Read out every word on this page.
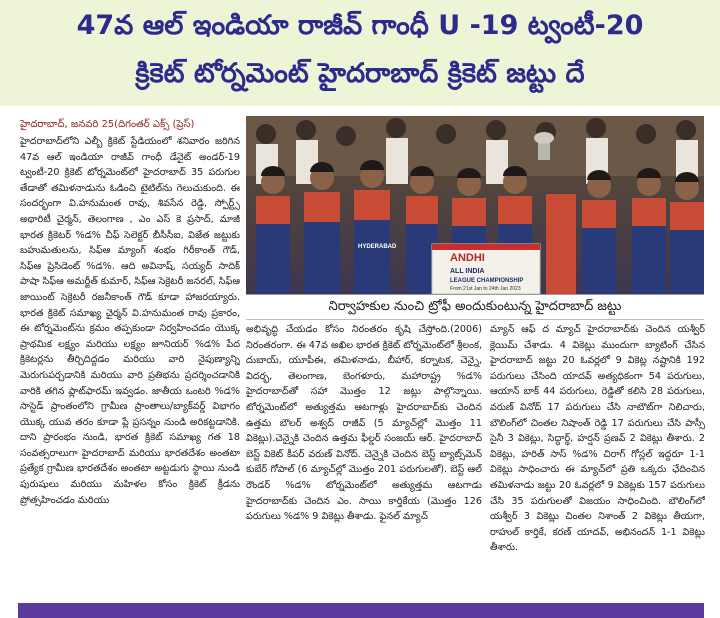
47వ ఆల్ ఇండియా రాజీవ్ గాంధీ U -19 ట్వంటీ-20
క్రికెట్ టోర్నమెంట్ హైదరాబాద్ క్రికెట్ జట్టు దే
హైదరాబాద్, జనవరి 25(దిగంతర్ ఎక్స్ (ప్రెస్)
హైదరాబాద్‌లోని ఎల్బీ క్రికెట్ స్టేడియంలో శనివారం జరిగిన 47వ ఆల్ ఇండియా రాజీవ్ గాంధీ డేనైట్ అండర్-19 ట్వంటీ-20 క్రికెట్ టోర్నమెంట్‌లో హైదరాబాద్ 35 పరుగుల తేడాతో తమిళనాడును ఓడించి టైటిల్‌ను గెలుచుకుంది. ఈ సందర్భంగా వి.హనుమంత రావు, శివసేన రెడ్డి, స్పోర్ట్స్ అథారిటీ చైర్మన్, తెలంగాణ , ఎం ఎస్ కె ప్రసాద్, మాజీ భారత క్రికెటర్ %డ% చీఫ్ సెలెక్టర్ బీసీసీఐ, విజేత జట్టుకు బహుమతులను, సిఫ్‌ఆ మ్యాంగ్ శంభం గిరీకాంత్ గౌడ్, సిఫ్‌ఆ ప్రెసిడెంట్ %డ%. ఆది అవినాష్, సయ్యద్ సాదిక్ పాషా సిఫ్‌ఆ అమర్జీత్ కుమార్, సిఫ్‌ఆ సెక్రెటరీ జనరల్, సిఫ్‌ఆ జాయింట్ సెక్రెటరీ రజనీకాంత్ గౌడ్ కూడా హాజరయ్యారు. భారత క్రికెట్ సమాఖ్య చైర్మన్ వి.హనుమంత రావు ప్రకారం, ఈ టోర్నమెంట్‌ను క్రమం తప్పకుండా నిర్వహించడం యొక్క ప్రాథమిక లక్ష్యం మరియు లక్ష్యం జూనియర్ %డ% పేద క్రికెటర్లను తీర్చిదిద్దడం మరియు వారి నైపుణ్యాన్ని మెరుగుపర్చడానికి మరియు వారి ప్రతిభను ప్రదర్శించడానికి వారికి తగిన ప్లాట్‌ఫారమ్ ఇవ్వడం. జాతీయ ఒంటరి %డ% సాస్టెడ్ ప్రాంతంలోని గ్రామీణ ప్రాంతాలు/బ్యాక్‌వర్డ్ విభాగం యొక్క యువ తరం కూడా ప్లే ప్రసన్నం నుండి అరికట్టడానికి. దాని ప్రారంభం నుండి, భారత క్రికెట్ సమాఖ్య గత 18 సంవత్సరాలుగా హైదరాబాద్ మరియు భారతదేశం అంతటా ప్రత్యేక గ్రామీణ భారతదేశం అంతటా అట్టడుగు స్థాయి నుండి పురుషులు మరియు మహిళల కోసం క్రికెట్ క్రీడను ప్రోత్సహించడం మరియు
ANDHI
ALL INDIA
LEAGUE CHAMPIONSHIP
From 21st Jan to 24th Jan 2023
HYDERABAD
నిర్వాహకుల నుంచి ట్రోఫీ అందుకుంటున్న హైదరాబాద్ జట్టు
అభివృద్ధి చేయడం కోసం నిరంతరం కృషి చేస్తోంది.(2006) నిరంతరంగా. ఈ 47వ అఖిల భారత క్రికెట్ టోర్నమెంట్‌లో శ్రీలంక, దుబాయ్, యూపీఈ, తమిళనాడు, బీహార్, కర్నాటక, చెన్నై, విదర్భ, తెలంగాణ, బెంగళూరు, మహారాష్ట్ర %డ% హైదరాబాద్‌తో సహా మొత్తం 12 జట్లు పాల్గొన్నాయి. టోర్నమెంట్‌లో అత్యుత్తమ ఆటగాళ్లు హైదరాబాద్‌కు చెందిన ఉత్తమ బౌలర్ అశ్వద్ రాజీవ్ (5 మ్యాచ్‌ల్లో మొత్తం 11 వికెట్లు).చెన్నైకి చెందిన ఉత్తమ ఫీల్డర్ సంజయ్ ఆర్. హైదరాబాద్ బెస్ట్ వికెట్ కీపర్ వరుణ్ వినోద్. చెన్నైకి చెందిన బెస్ట్ బ్యాట్స్‌మెన్ కుబేర్ గోపాల్ (6 మ్యాచ్‌ల్లో మొత్తం 201 పరుగులతో). బెస్ట్ ఆల్ రౌండర్ %డ% టోర్నమెంట్‌లో అత్యుత్తమ ఆటగాడు హైదరాబాద్‌కు చెందిన ఎం. సాయి కార్తికేయ (మొత్తం 126 పరుగులు %డ% 9 వికెట్లు తీశాడు. ఫైనల్ మ్యాచ్
మ్యాన్ ఆఫ్ ద మ్యాచ్ హైదరాబాద్‌కు చెందిన యశ్వీర్ క్లెయిమ్ చేశాడు. 4 వికెట్లు ముందుగా బ్యాటింగ్ చేసిన హైదరాబాద్ జట్టు 20 ఓవర్లలో 9 వికెట్ల నష్టానికి 192 పరుగులు చేసింది యాదవ్ అత్యధికంగా 54 పరుగులు, ఆయాన్ బాక్ 44 పరుగులు, రెడ్డితో కలిసి 28 పరుగులు, వరుణ్ వినోద్ 17 పరుగులు చేసి నాటౌట్‌గా నిలిచారు, బౌలింగ్‌లో చింతల నిషాంత్ రెడ్డి 17 పరుగులు చేసి పాస్సీ సైనీ 3 వికెట్లు, సిద్ధార్థ్, హర్షన్ ప్రణవ్ 2 వికెట్లు తీశారు. 2 వికెట్లు, హరిత్ సాస్ %డ% చిరాగ్ గోస్లల్ ఇద్దరూ 1-1 వికెట్లు సాధించారు ఈ మ్యాచ్‌లో ప్రతి ఒక్కరు ఛేదించిన తమిళనాడు జట్టు 20 ఓవర్లలో 9 వికెట్లకు 157 పరుగులు చేసి 35 పరుగులతో విజయం సాధించింది. బౌలింగ్‌లో యశ్వీర్ 3 వికెట్లు చింతల నిశాంత్ 2 వికెట్లు తీయగా, రాహుల్ కార్తికే, కరణ్ యాదవ్, అభినందన్ 1-1 వికెట్లు తీశారు.
